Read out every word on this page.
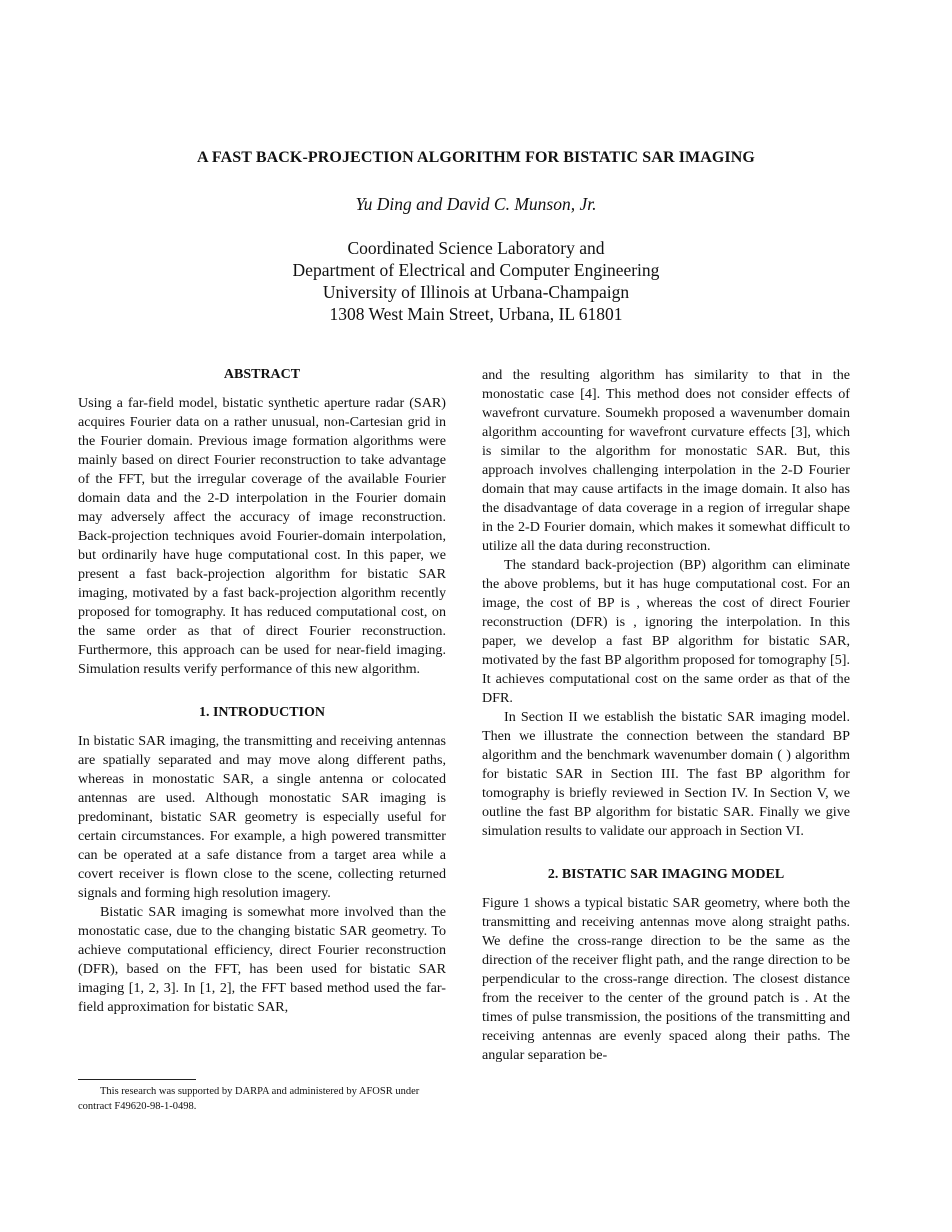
A FAST BACK-PROJECTION ALGORITHM FOR BISTATIC SAR IMAGING
Yu Ding and David C. Munson, Jr.
Coordinated Science Laboratory and
Department of Electrical and Computer Engineering
University of Illinois at Urbana-Champaign
1308 West Main Street, Urbana, IL 61801
ABSTRACT

Using a far-field model, bistatic synthetic aperture radar (SAR) acquires Fourier data on a rather unusual, non-Cartesian grid in the Fourier domain. Previous image formation algorithms were mainly based on direct Fourier reconstruction to take advantage of the FFT, but the irregular coverage of the available Fourier domain data and the 2-D interpolation in the Fourier domain may adversely affect the accuracy of image reconstruction. Back-projection techniques avoid Fourier-domain interpolation, but ordinarily have huge computational cost. In this paper, we present a fast back-projection algorithm for bistatic SAR imaging, motivated by a fast back-projection algorithm recently proposed for tomography. It has reduced computational cost, on the same order as that of direct Fourier reconstruction. Furthermore, this approach can be used for near-field imaging. Simulation results verify performance of this new algorithm.

1. INTRODUCTION

In bistatic SAR imaging, the transmitting and receiving antennas are spatially separated and may move along different paths, whereas in monostatic SAR, a single antenna or colocated antennas are used. Although monostatic SAR imaging is predominant, bistatic SAR geometry is especially useful for certain circumstances. For example, a high powered transmitter can be operated at a safe distance from a target area while a covert receiver is flown close to the scene, collecting returned signals and forming high resolution imagery.

Bistatic SAR imaging is somewhat more involved than the monostatic case, due to the changing bistatic SAR geometry. To achieve computational efficiency, direct Fourier reconstruction (DFR), based on the FFT, has been used for bistatic SAR imaging [1, 2, 3]. In [1, 2], the FFT based method used the far-field approximation for bistatic SAR,

and the resulting algorithm has similarity to that in the monostatic case [4]. This method does not consider effects of wavefront curvature. Soumekh proposed a wavenumber domain algorithm accounting for wavefront curvature effects [3], which is similar to the algorithm for monostatic SAR. But, this approach involves challenging interpolation in the 2-D Fourier domain that may cause artifacts in the image domain. It also has the disadvantage of data coverage in a region of irregular shape in the 2-D Fourier domain, which makes it somewhat difficult to utilize all the data during reconstruction.

The standard back-projection (BP) algorithm can eliminate the above problems, but it has huge computational cost. For an image, the cost of BP is , whereas the cost of direct Fourier reconstruction (DFR) is , ignoring the interpolation. In this paper, we develop a fast BP algorithm for bistatic SAR, motivated by the fast BP algorithm proposed for tomography [5]. It achieves computational cost on the same order as that of the DFR.

In Section II we establish the bistatic SAR imaging model. Then we illustrate the connection between the standard BP algorithm and the benchmark wavenumber domain ( ) algorithm for bistatic SAR in Section III. The fast BP algorithm for tomography is briefly reviewed in Section IV. In Section V, we outline the fast BP algorithm for bistatic SAR. Finally we give simulation results to validate our approach in Section VI.

2. BISTATIC SAR IMAGING MODEL

Figure 1 shows a typical bistatic SAR geometry, where both the transmitting and receiving antennas move along straight paths. We define the cross-range direction to be the same as the direction of the receiver flight path, and the range direction to be perpendicular to the cross-range direction. The closest distance from the receiver to the center of the ground patch is . At the times of pulse transmission, the positions of the transmitting and receiving antennas are evenly spaced along their paths. The angular separation be-

This research was supported by DARPA and administered by AFOSR under contract F49620-98-1-0498.
